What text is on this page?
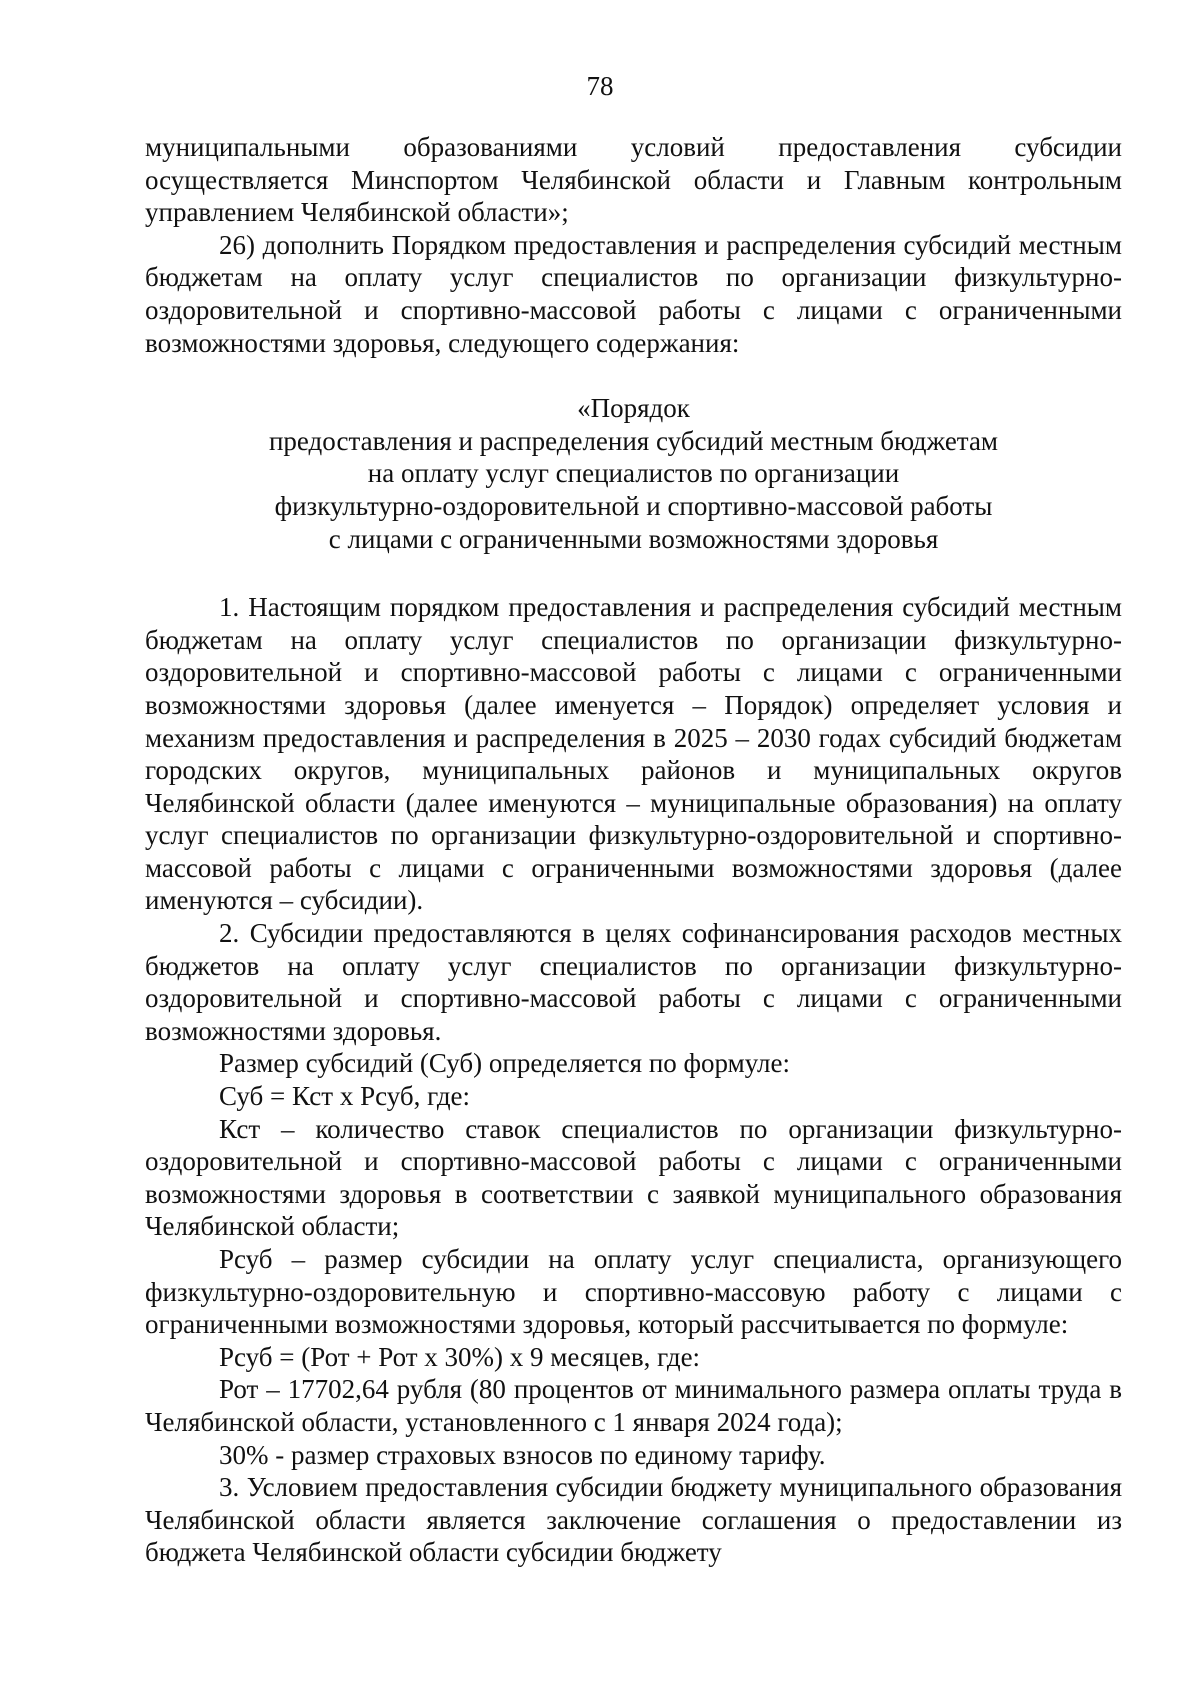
78

муниципальными образованиями условий предоставления субсидии осуществляется Минспортом Челябинской области и Главным контрольным управлением Челябинской области»;

26) дополнить Порядком предоставления и распределения субсидий местным бюджетам на оплату услуг специалистов по организации физкультурно-оздоровительной и спортивно-массовой работы с лицами с ограниченными возможностями здоровья, следующего содержания:

«Порядок
предоставления и распределения субсидий местным бюджетам
на оплату услуг специалистов по организации
физкультурно-оздоровительной и спортивно-массовой работы
с лицами с ограниченными возможностями здоровья

1. Настоящим порядком предоставления и распределения субсидий местным бюджетам на оплату услуг специалистов по организации физкультурно-оздоровительной и спортивно-массовой работы с лицами с ограниченными возможностями здоровья (далее именуется – Порядок) определяет условия и механизм предоставления и распределения в 2025 – 2030 годах субсидий бюджетам городских округов, муниципальных районов и муниципальных округов Челябинской области (далее именуются – муниципальные образования) на оплату услуг специалистов по организации физкультурно-оздоровительной и спортивно-массовой работы с лицами с ограниченными возможностями здоровья (далее именуются – субсидии).

2. Субсидии предоставляются в целях софинансирования расходов местных бюджетов на оплату услуг специалистов по организации физкультурно-оздоровительной и спортивно-массовой работы с лицами с ограниченными возможностями здоровья.

Размер субсидий (Суб) определяется по формуле:

Суб = Кст х Рсуб, где:

Кст – количество ставок специалистов по организации физкультурно-оздоровительной и спортивно-массовой работы с лицами с ограниченными возможностями здоровья в соответствии с заявкой муниципального образования Челябинской области;

Рсуб – размер субсидии на оплату услуг специалиста, организующего физкультурно-оздоровительную и спортивно-массовую работу с лицами с ограниченными возможностями здоровья, который рассчитывается по формуле:

Рсуб = (Рот + Рот х 30%) х 9 месяцев, где:

Рот – 17702,64 рубля (80 процентов от минимального размера оплаты труда в Челябинской области, установленного с 1 января 2024 года);

30% - размер страховых взносов по единому тарифу.

3. Условием предоставления субсидии бюджету муниципального образования Челябинской области является заключение соглашения о предоставлении из бюджета Челябинской области субсидии бюджету
